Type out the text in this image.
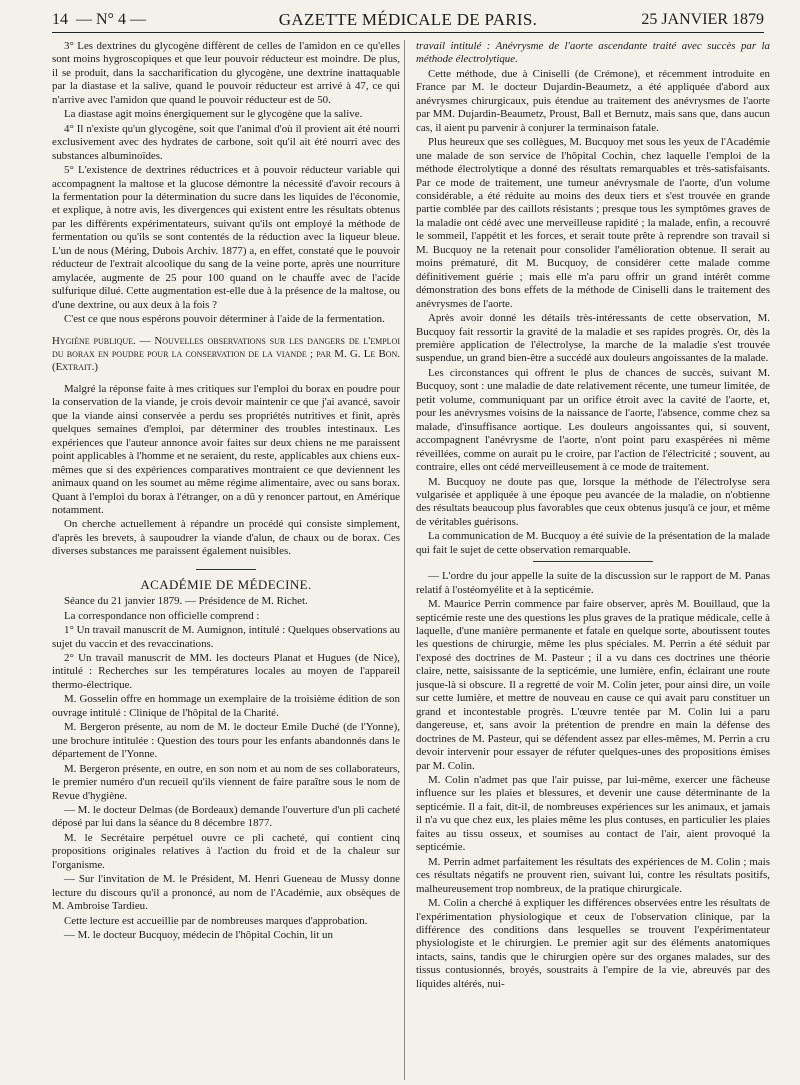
14 — N° 4 —	GAZETTE MÉDICALE DE PARIS.	25 JANVIER 1879

3° Les dextrines du glycogène diffèrent de celles de l'amidon en ce qu'elles sont moins hygroscopiques et que leur pouvoir réducteur est moindre. De plus, il se produit, dans la saccharification du glycogène, une dextrine inattaquable par la diastase et la salive, quand le pouvoir réducteur est arrivé à 47, ce qui n'arrive avec l'amidon que quand le pouvoir réducteur est de 50.

La diastase agit moins énergiquement sur le glycogène que la salive.

4° Il n'existe qu'un glycogène, soit que l'animal d'où il provient ait été nourri exclusivement avec des hydrates de carbone, soit qu'il ait été nourri avec des substances albuminoïdes.

5° L'existence de dextrines réductrices et à pouvoir réducteur variable qui accompagnent la maltose et la glucose démontre la nécessité d'avoir recours à la fermentation pour la détermination du sucre dans les liquides de l'économie, et explique, à notre avis, les divergences qui existent entre les résultats obtenus par les différents expérimentateurs, suivant qu'ils ont employé la méthode de fermentation ou qu'ils se sont contentés de la réduction avec la liqueur bleue. L'un de nous (Méring, Dubois Archiv. 1877) a, en effet, constaté que le pouvoir réducteur de l'extrait alcoolique du sang de la veine porte, après une nourriture amylacée, augmente de 25 pour 100 quand on le chauffe avec de l'acide sulfurique dilué. Cette augmentation est-elle due à la présence de la maltose, ou d'une dextrine, ou aux deux à la fois ?

C'est ce que nous espérons pouvoir déterminer à l'aide de la fermentation.

Hygiène publique. — Nouvelles observations sur les dangers de l'emploi du borax en poudre pour la conservation de la viande ; par M. G. Le Bon. (Extrait.)

Malgré la réponse faite à mes critiques sur l'emploi du borax en poudre pour la conservation de la viande, je crois devoir maintenir ce que j'ai avancé, savoir que la viande ainsi conservée a perdu ses propriétés nutritives et finit, après quelques semaines d'emploi, par déterminer des troubles intestinaux. Les expériences que l'auteur annonce avoir faites sur deux chiens ne me paraissent point applicables à l'homme et ne seraient, du reste, applicables aux chiens eux-mêmes que si des expériences comparatives montraient ce que deviennent les animaux quand on les soumet au même régime alimentaire, avec ou sans borax. Quant à l'emploi du borax à l'étranger, on a dû y renoncer partout, en Amérique notamment.

On cherche actuellement à répandre un procédé qui consiste simplement, d'après les brevets, à saupoudrer la viande d'alun, de chaux ou de borax. Ces diverses substances me paraissent également nuisibles.

ACADÉMIE DE MÉDECINE.

Séance du 21 janvier 1879. — Présidence de M. Richet.

La correspondance non officielle comprend :

1° Un travail manuscrit de M. Aumignon, intitulé : Quelques observations au sujet du vaccin et des revaccinations.

2° Un travail manuscrit de MM. les docteurs Planat et Hugues (de Nice), intitulé : Recherches sur les températures locales au moyen de l'appareil thermo-électrique.

M. Gosselin offre en hommage un exemplaire de la troisième édition de son ouvrage intitulé : Clinique de l'hôpital de la Charité.

M. Bergeron présente, au nom de M. le docteur Emile Duché (de l'Yonne), une brochure intitulée : Question des tours pour les enfants abandonnés dans le département de l'Yonne.

M. Bergeron présente, en outre, en son nom et au nom de ses collaborateurs, le premier numéro d'un recueil qu'ils viennent de faire paraître sous le nom de Revue d'hygiène.

— M. le docteur Delmas (de Bordeaux) demande l'ouverture d'un pli cacheté déposé par lui dans la séance du 8 décembre 1877.

M. le Secrétaire perpétuel ouvre ce pli cacheté, qui contient cinq propositions originales relatives à l'action du froid et de la chaleur sur l'organisme.

— Sur l'invitation de M. le Président, M. Henri Gueneau de Mussy donne lecture du discours qu'il a prononcé, au nom de l'Académie, aux obsèques de M. Ambroise Tardieu.

Cette lecture est accueillie par de nombreuses marques d'approbation.

— M. le docteur Bucquoy, médecin de l'hôpital Cochin, lit un

travail intitulé : Anévrysme de l'aorte ascendante traité avec succès par la méthode électrolytique.

Cette méthode, due à Ciniselli (de Crémone), et récemment introduite en France par M. le docteur Dujardin-Beaumetz, a été appliquée d'abord aux anévrysmes chirurgicaux, puis étendue au traitement des anévrysmes de l'aorte par MM. Dujardin-Beaumetz, Proust, Ball et Bernutz, mais sans que, dans aucun cas, il aient pu parvenir à conjurer la terminaison fatale.

Plus heureux que ses collègues, M. Bucquoy met sous les yeux de l'Académie une malade de son service de l'hôpital Cochin, chez laquelle l'emploi de la méthode électrolytique a donné des résultats remarquables et très-satisfaisants. Par ce mode de traitement, une tumeur anévrysmale de l'aorte, d'un volume considérable, a été réduite au moins des deux tiers et s'est trouvée en grande partie comblée par des caillots résistants ; presque tous les symptômes graves de la maladie ont cédé avec une merveilleuse rapidité ; la malade, enfin, a recouvré le sommeil, l'appétit et les forces, et serait toute prête à reprendre son travail si M. Bucquoy ne la retenait pour consolider l'amélioration obtenue. Il serait au moins prématuré, dit M. Bucquoy, de considérer cette malade comme définitivement guérie ; mais elle m'a paru offrir un grand intérêt comme démonstration des bons effets de la méthode de Ciniselli dans le traitement des anévrysmes de l'aorte.

Après avoir donné les détails très-intéressants de cette observation, M. Bucquoy fait ressortir la gravité de la maladie et ses rapides progrès. Or, dès la première application de l'électrolyse, la marche de la maladie s'est trouvée suspendue, un grand bien-être a succédé aux douleurs angoissantes de la malade.

Les circonstances qui offrent le plus de chances de succès, suivant M. Bucquoy, sont : une maladie de date relativement récente, une tumeur limitée, de petit volume, communiquant par un orifice étroit avec la cavité de l'aorte, et, pour les anévrysmes voisins de la naissance de l'aorte, l'absence, comme chez sa malade, d'insuffisance aortique. Les douleurs angoissantes qui, si souvent, accompagnent l'anévrysme de l'aorte, n'ont point paru exaspérées ni même réveillées, comme on aurait pu le croire, par l'action de l'électricité ; souvent, au contraire, elles ont cédé merveilleusement à ce mode de traitement.

M. Bucquoy ne doute pas que, lorsque la méthode de l'électrolyse sera vulgarisée et appliquée à une époque peu avancée de la maladie, on n'obtienne des résultats beaucoup plus favorables que ceux obtenus jusqu'à ce jour, et même de véritables guérisons.

La communication de M. Bucquoy a été suivie de la présentation de la malade qui fait le sujet de cette observation remarquable.

— L'ordre du jour appelle la suite de la discussion sur le rapport de M. Panas relatif à l'ostéomyélite et à la septicémie.

M. Maurice Perrin commence par faire observer, après M. Bouillaud, que la septicémie reste une des questions les plus graves de la pratique médicale, celle à laquelle, d'une manière permanente et fatale en quelque sorte, aboutissent toutes les questions de chirurgie, même les plus spéciales. M. Perrin a été séduit par l'exposé des doctrines de M. Pasteur ; il a vu dans ces doctrines une théorie claire, nette, saisissante de la septicémie, une lumière, enfin, éclairant une route jusque-là si obscure. Il a regretté de voir M. Colin jeter, pour ainsi dire, un voile sur cette lumière, et mettre de nouveau en cause ce qui avait paru constituer un grand et incontestable progrès. L'œuvre tentée par M. Colin lui a paru dangereuse, et, sans avoir la prétention de prendre en main la défense des doctrines de M. Pasteur, qui se défendent assez par elles-mêmes, M. Perrin a cru devoir intervenir pour essayer de réfuter quelques-unes des propositions émises par M. Colin.

M. Colin n'admet pas que l'air puisse, par lui-même, exercer une fâcheuse influence sur les plaies et blessures, et devenir une cause déterminante de la septicémie. Il a fait, dit-il, de nombreuses expériences sur les animaux, et jamais il n'a vu que chez eux, les plaies même les plus contuses, en particulier les plaies faites au tissu osseux, et soumises au contact de l'air, aient provoqué la septicémie.

M. Perrin admet parfaitement les résultats des expériences de M. Colin ; mais ces résultats négatifs ne prouvent rien, suivant lui, contre les résultats positifs, malheureusement trop nombreux, de la pratique chirurgicale.

M. Colin a cherché à expliquer les différences observées entre les résultats de l'expérimentation physiologique et ceux de l'observation clinique, par la différence des conditions dans lesquelles se trouvent l'expérimentateur physiologiste et le chirurgien. Le premier agit sur des éléments anatomiques intacts, sains, tandis que le chirurgien opère sur des organes malades, sur des tissus contusionnés, broyés, soustraits à l'empire de la vie, abreuvés par des liquides altérés, nui-
